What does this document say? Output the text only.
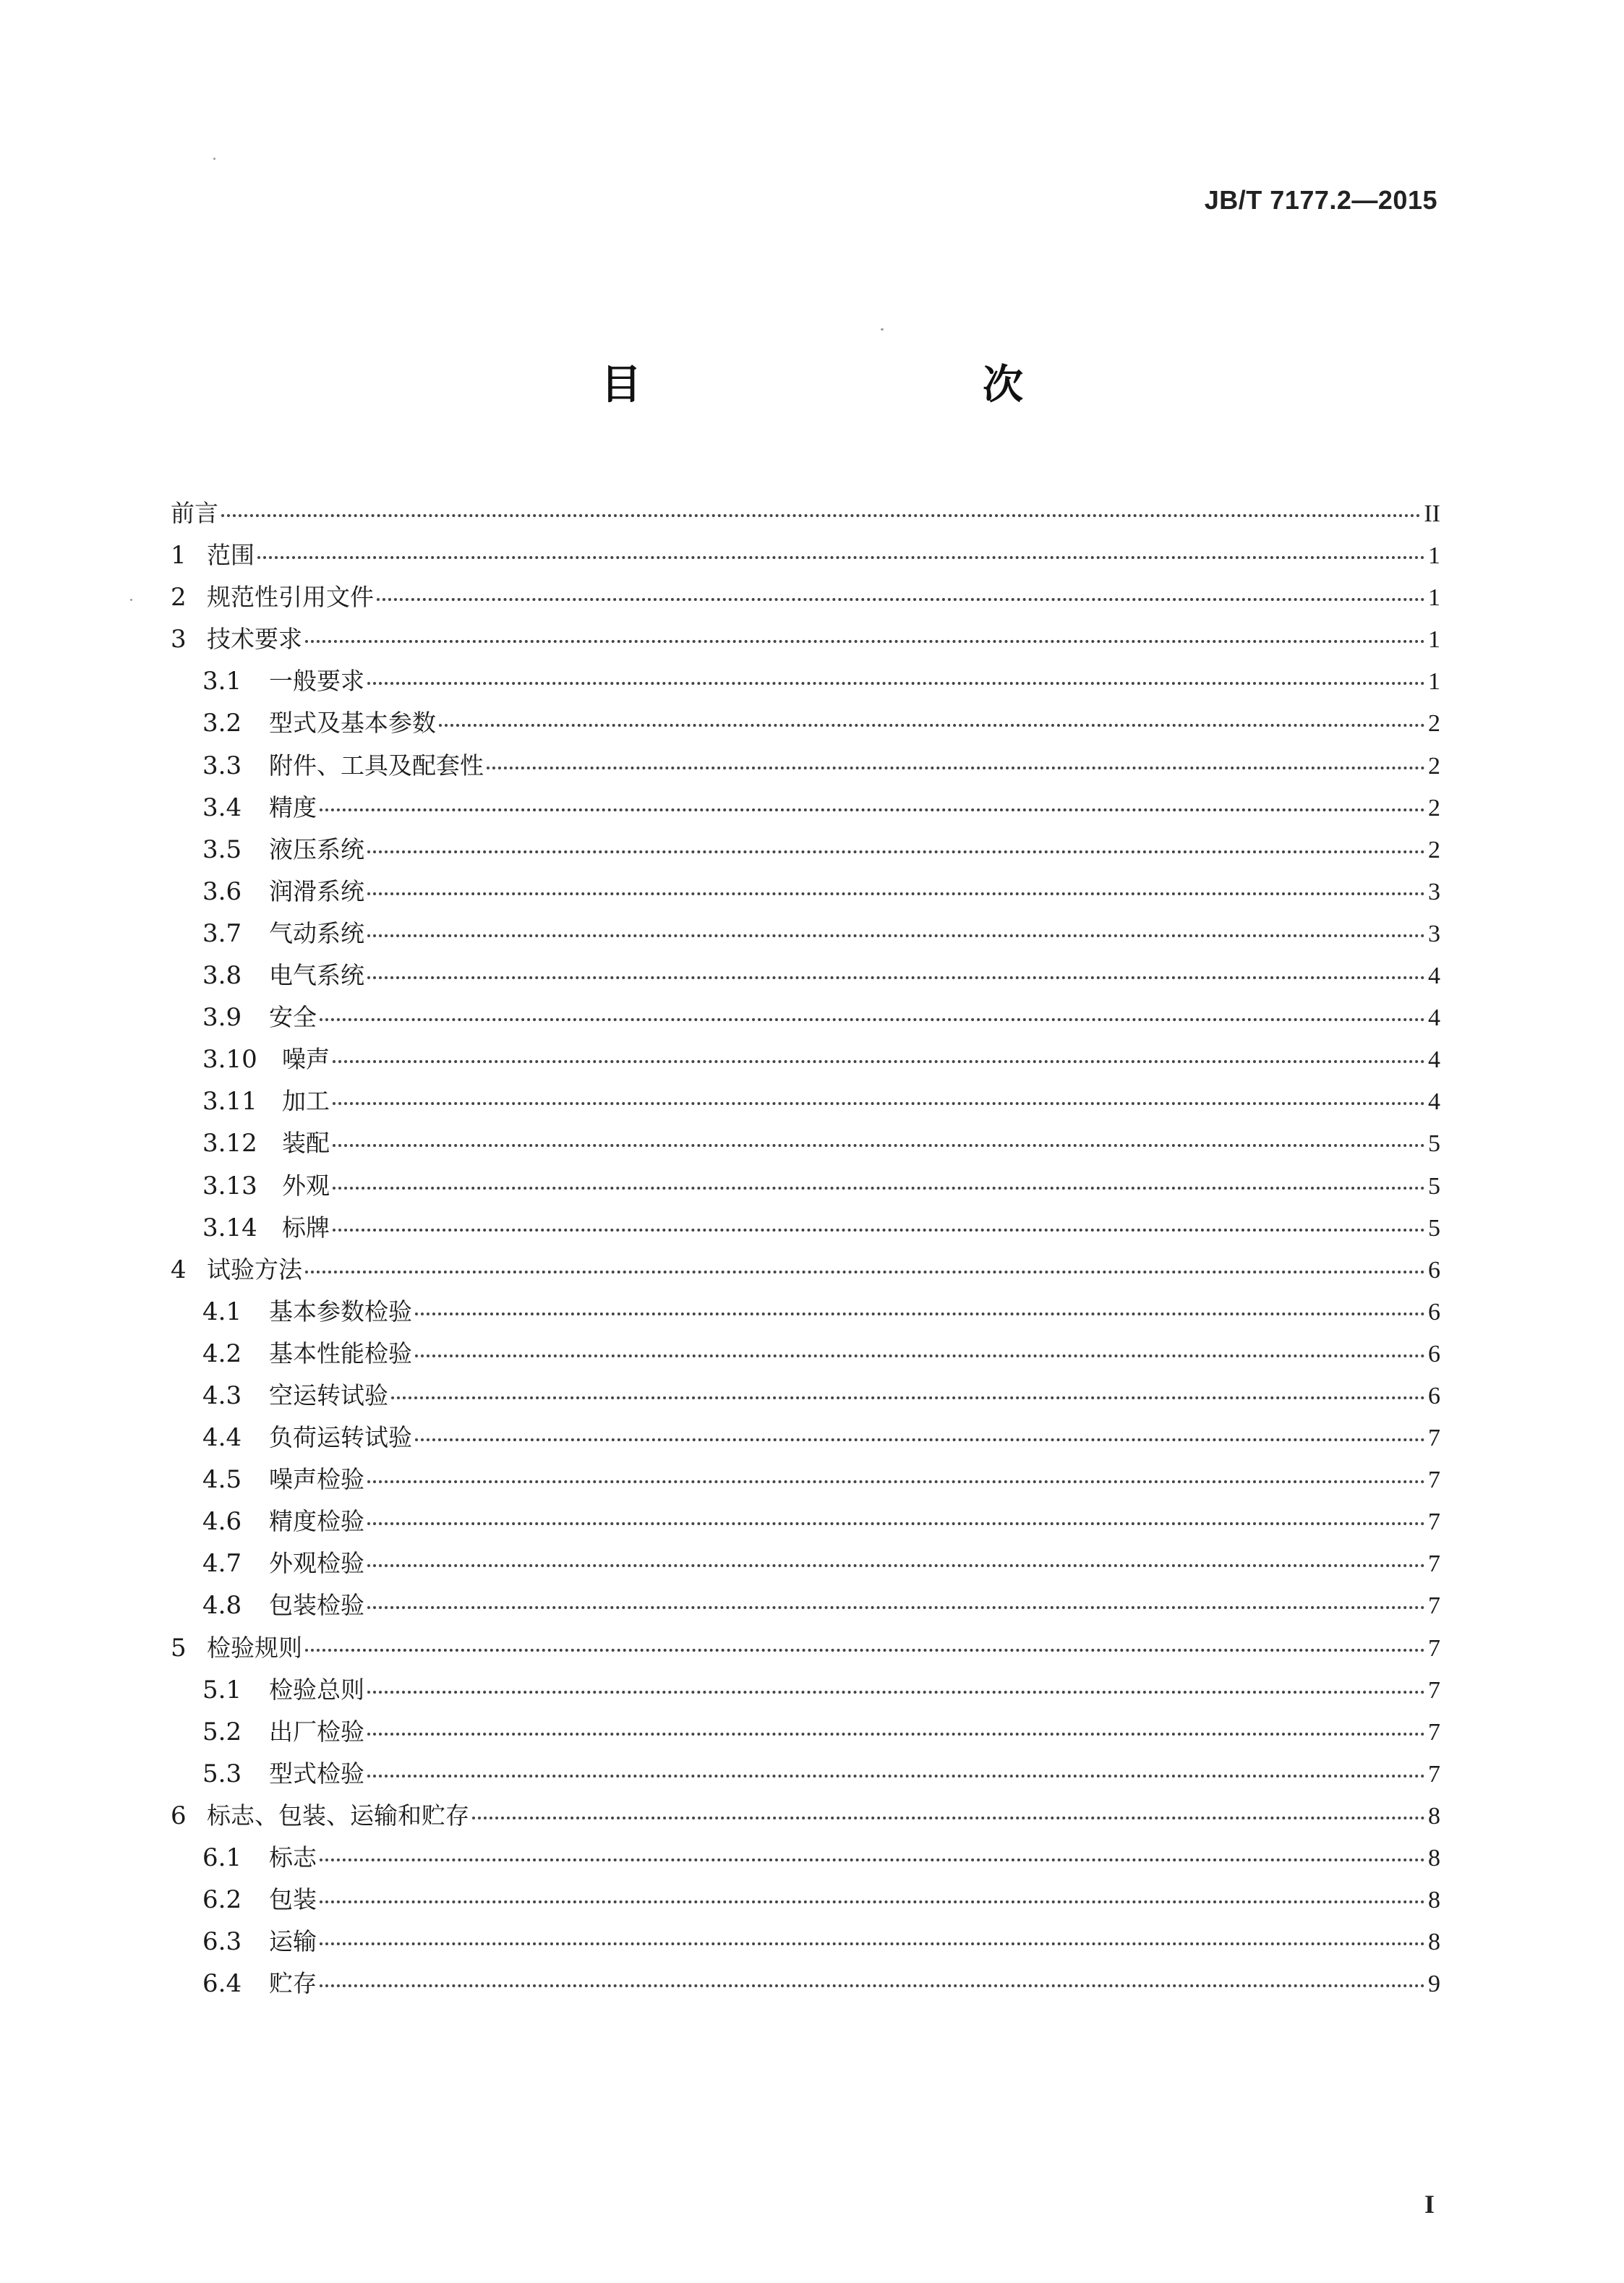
JB/T 7177.2—2015
目　　次
前言	II
1 范围	1
2 规范性引用文件	1
3 技术要求	1
3.1	一般要求	1
3.2	型式及基本参数	2
3.3	附件、工具及配套性	2
3.4	精度	2
3.5	液压系统	2
3.6	润滑系统	3
3.7	气动系统	3
3.8	电气系统	4
3.9	安全	4
3.10	噪声	4
3.11	加工	4
3.12	装配	5
3.13	外观	5
3.14	标牌	5
4 试验方法	6
4.1	基本参数检验	6
4.2	基本性能检验	6
4.3	空运转试验	6
4.4	负荷运转试验	7
4.5	噪声检验	7
4.6	精度检验	7
4.7	外观检验	7
4.8	包装检验	7
5 检验规则	7
5.1	检验总则	7
5.2	出厂检验	7
5.3	型式检验	7
6 标志、包装、运输和贮存	8
6.1	标志	8
6.2	包装	8
6.3	运输	8
6.4	贮存	9
I
